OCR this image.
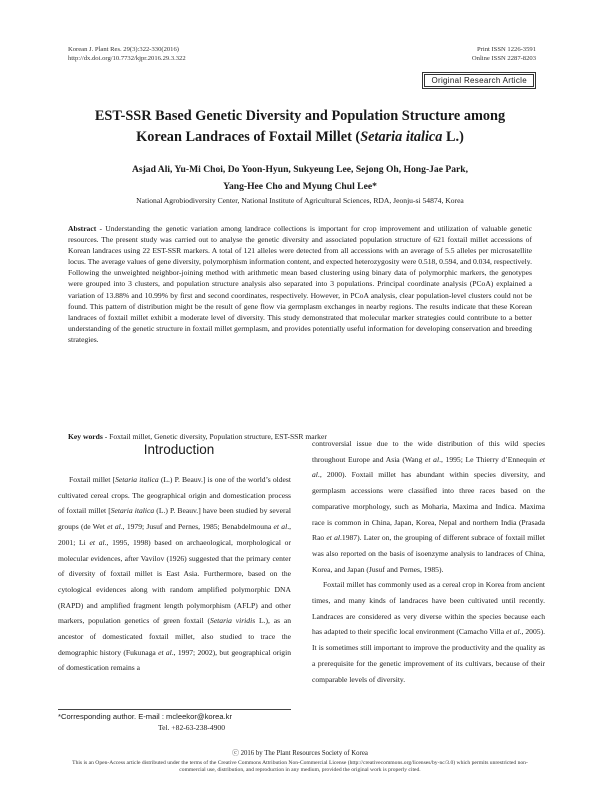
Korean J. Plant Res. 29(3):322-330(2016)
http://dx.doi.org/10.7732/kjpr.2016.29.3.322
Print ISSN 1226-3591
Online ISSN 2287-8203
Original Research Article
EST-SSR Based Genetic Diversity and Population Structure among
Korean Landraces of Foxtail Millet (Setaria italica L.)
Asjad Ali, Yu-Mi Choi, Do Yoon-Hyun, Sukyeung Lee, Sejong Oh, Hong-Jae Park,
Yang-Hee Cho and Myung Chul Lee*
National Agrobiodiversity Center, National Institute of Agricultural Sciences, RDA, Jeonju-si 54874, Korea
Abstract - Understanding the genetic variation among landrace collections is important for crop improvement and utilization of valuable genetic resources. The present study was carried out to analyse the genetic diversity and associated population structure of 621 foxtail millet accessions of Korean landraces using 22 EST-SSR markers. A total of 121 alleles were detected from all accessions with an average of 5.5 alleles per microsatellite locus. The average values of gene diversity, polymorphism information content, and expected heterozygosity were 0.518, 0.594, and 0.034, respectively. Following the unweighted neighbor-joining method with arithmetic mean based clustering using binary data of polymorphic markers, the genotypes were grouped into 3 clusters, and population structure analysis also separated into 3 populations. Principal coordinate analysis (PCoA) explained a variation of 13.88% and 10.99% by first and second coordinates, respectively. However, in PCoA analysis, clear population-level clusters could not be found. This pattern of distribution might be the result of gene flow via germplasm exchanges in nearby regions. The results indicate that these Korean landraces of foxtail millet exhibit a moderate level of diversity. This study demonstrated that molecular marker strategies could contribute to a better understanding of the genetic structure in foxtail millet germplasm, and provides potentially useful information for developing conservation and breeding strategies.
Key words - Foxtail millet, Genetic diversity, Population structure, EST-SSR marker
Introduction

Foxtail millet [Setaria italica (L.) P. Beauv.] is one of the world’s oldest cultivated cereal crops. The geographical origin and domestication process of foxtail millet [Setaria italica (L.) P. Beauv.] have been studied by several groups (de Wet et al., 1979; Jusuf and Pernes, 1985; Benabdelmouna et al., 2001; Li et al., 1995, 1998) based on archaeological, morphological or molecular evidences, after Vavilov (1926) suggested that the primary center of diversity of foxtail millet is East Asia. Furthermore, based on the cytological evidences along with random amplified polymorphic DNA (RAPD) and amplified fragment length polymorphism (AFLP) and other markers, population genetics of green foxtail (Setaria viridis L.), as an ancestor of domesticated foxtail millet, also studied to trace the demographic history (Fukunaga et al., 1997; 2002), but geographical origin of domestication remains a

controversial issue due to the wide distribution of this wild species throughout Europe and Asia (Wang et al., 1995; Le Thierry d’Ennequin et al., 2000). Foxtail millet has abundant within species diversity, and germplasm accessions were classified into three races based on the comparative morphology, such as Moharia, Maxima and Indica. Maxima race is common in China, Japan, Korea, Nepal and northern India (Prasada Rao et al.1987). Later on, the grouping of different subrace of foxtail millet was also reported on the basis of isoenzyme analysis to landraces of China, Korea, and Japan (Jusuf and Pernes, 1985).

Foxtail millet has commonly used as a cereal crop in Korea from ancient times, and many kinds of landraces have been cultivated until recently. Landraces are considered as very diverse within the species because each has adapted to their specific local environment (Camacho Villa et al., 2005). It is sometimes still important to improve the productivity and the quality as a prerequisite for the genetic improvement of its cultivars, because of their comparable levels of diversity.

*Corresponding author. E-mail : mcleekor@korea.kr
Tel. +82-63-238-4900
ⓒ 2016 by The Plant Resources Society of Korea
This is an Open-Access article distributed under the terms of the Creative Commons Attribution Non-Commercial License (http://creativecommons.org/licenses/by-nc/3.0) which permits unrestricted non-commercial use, distribution, and reproduction in any medium, provided the original work is properly cited.
